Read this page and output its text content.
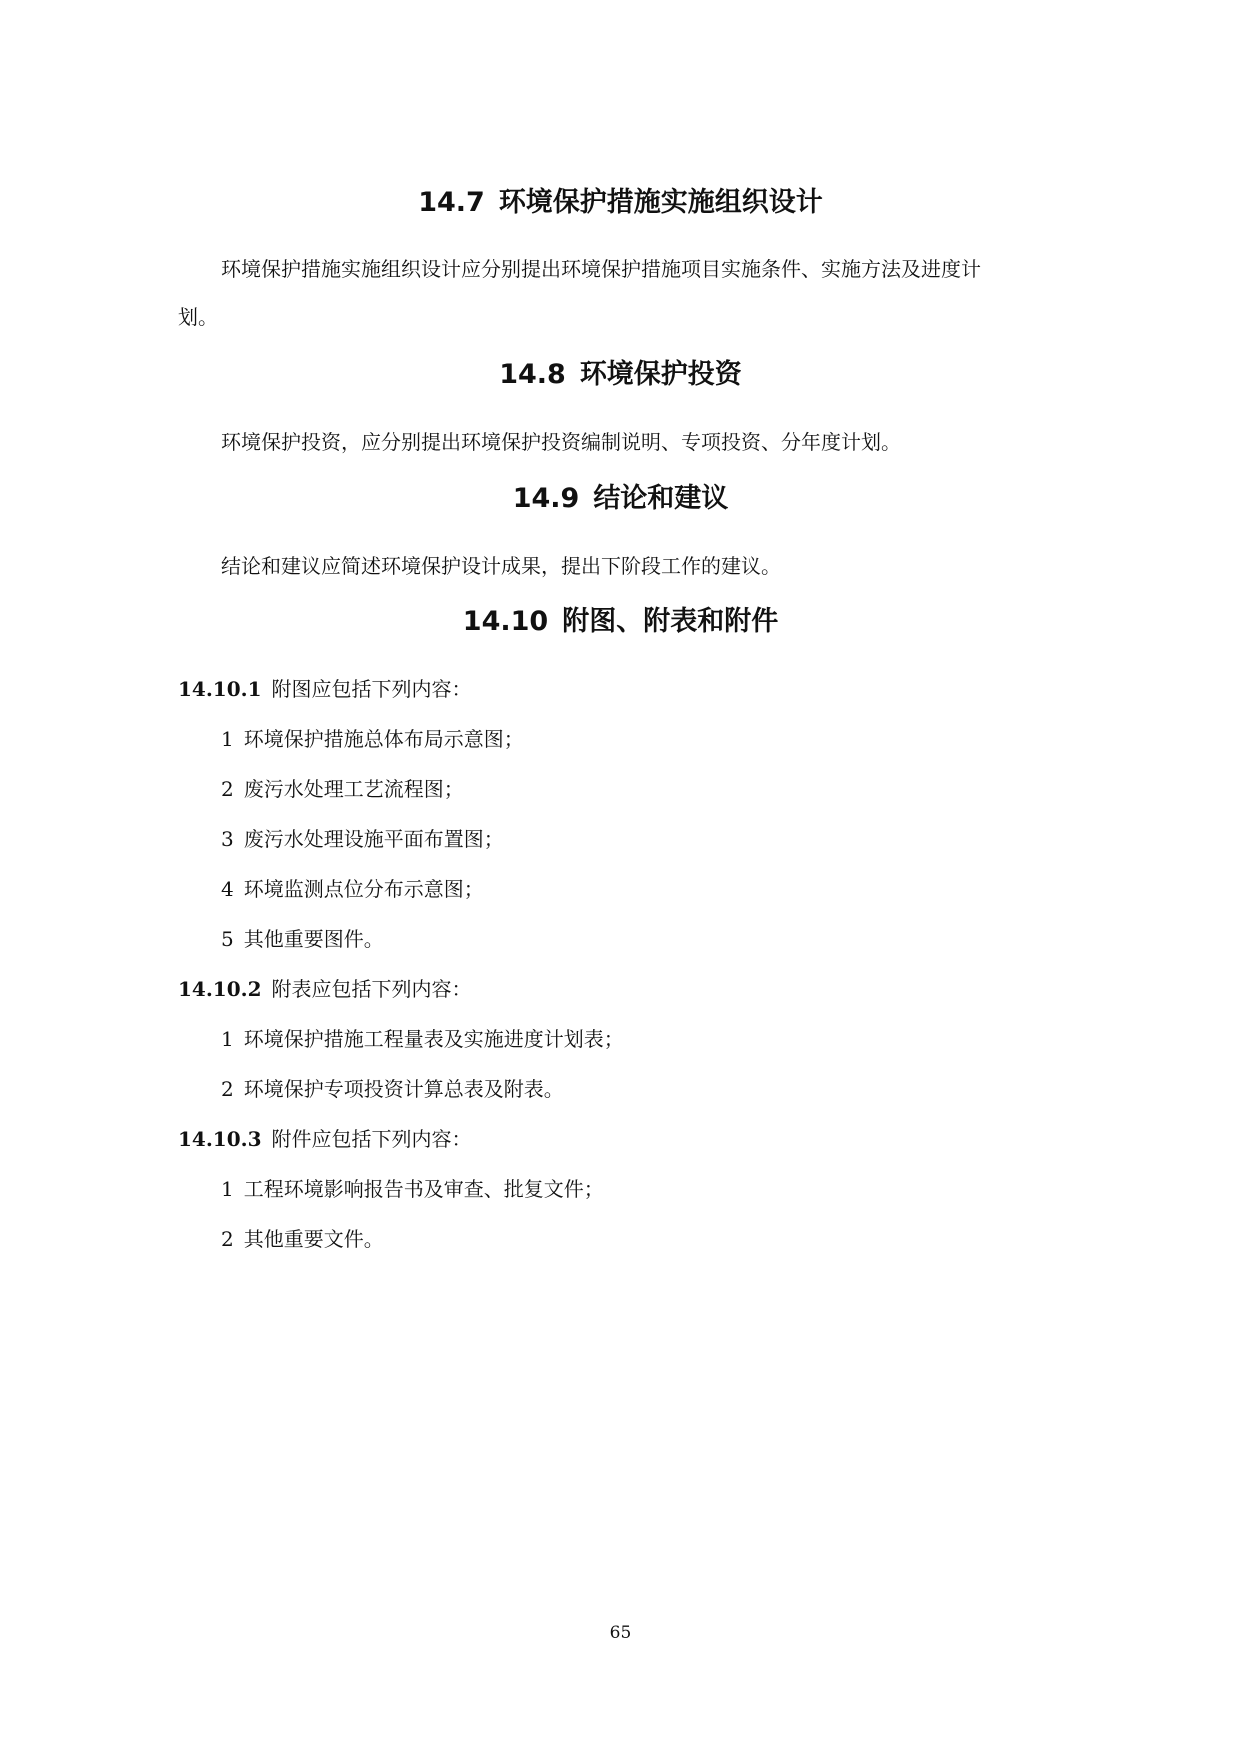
14.7 环境保护措施实施组织设计
环境保护措施实施组织设计应分别提出环境保护措施项目实施条件、实施方法及进度计
划。
14.8 环境保护投资
环境保护投资，应分别提出环境保护投资编制说明、专项投资、分年度计划。
14.9 结论和建议
结论和建议应简述环境保护设计成果，提出下阶段工作的建议。
14.10 附图、附表和附件
14.10.1 附图应包括下列内容：
1 环境保护措施总体布局示意图；
2 废污水处理工艺流程图；
3 废污水处理设施平面布置图；
4 环境监测点位分布示意图；
5 其他重要图件。
14.10.2 附表应包括下列内容：
1 环境保护措施工程量表及实施进度计划表；
2 环境保护专项投资计算总表及附表。
14.10.3 附件应包括下列内容：
1 工程环境影响报告书及审查、批复文件；
2 其他重要文件。
65
